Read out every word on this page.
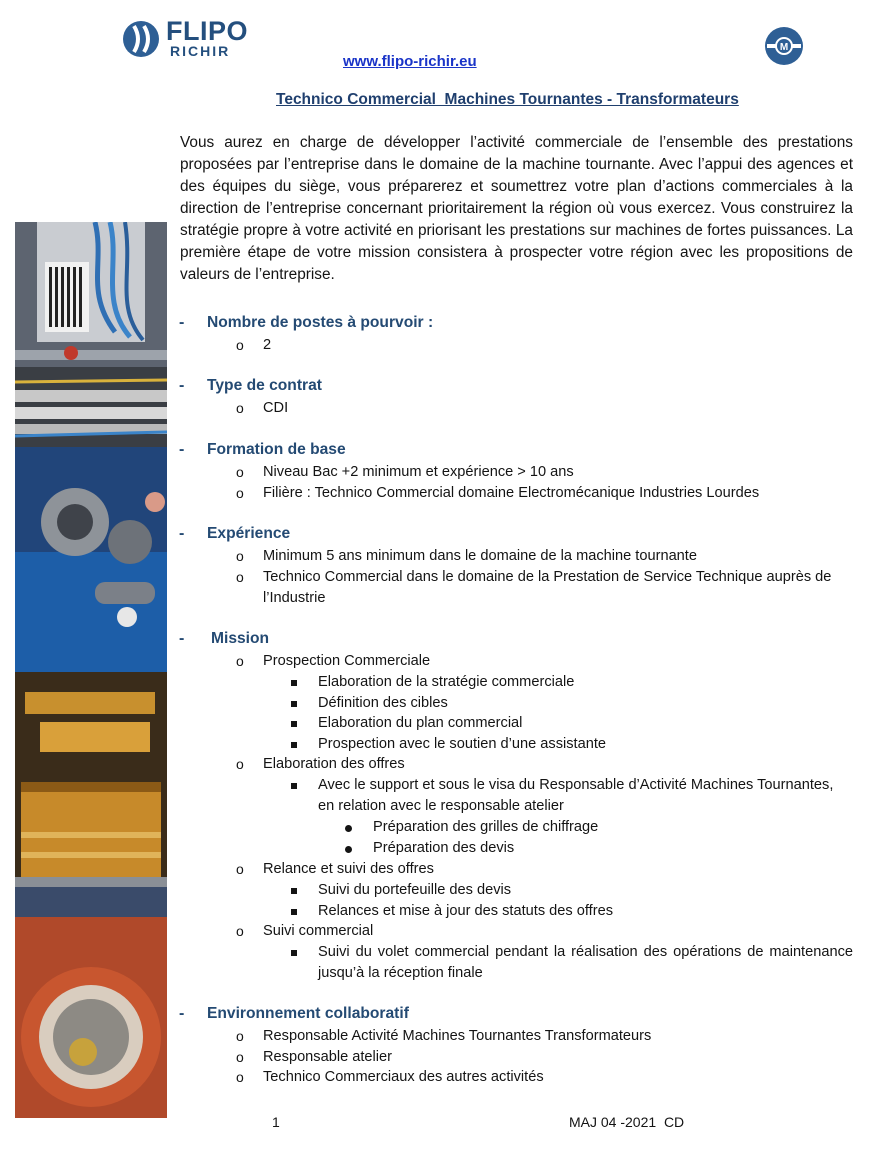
FLIPO
RICHIR
www.flipo-richir.eu
M
Technico Commercial  Machines Tournantes - Transformateurs
Vous aurez en charge de développer l’activité commerciale de l’ensemble des prestations proposées par l’entreprise dans le domaine de la machine tournante. Avec l’appui des agences et des équipes du siège, vous préparerez et soumettrez votre plan d’actions commerciales à la direction de l’entreprise concernant prioritairement la région où vous exercez. Vous construirez la stratégie propre à votre activité en priorisant les prestations sur machines de fortes puissances. La première étape de votre mission consistera à prospecter votre région avec les propositions de valeurs de l’entreprise.
- Nombre de postes à pourvoir :
o 2
- Type de contrat
o CDI
- Formation de base
o Niveau Bac +2 minimum et expérience > 10 ans
o Filière : Technico Commercial domaine Electromécanique Industries Lourdes
- Expérience
o Minimum 5 ans minimum dans le domaine de la machine tournante
o Technico Commercial dans le domaine de la Prestation de Service Technique auprès de
l’Industrie
- Mission
o Prospection Commerciale
Elaboration de la stratégie commerciale
Définition des cibles
Elaboration du plan commercial
Prospection avec le soutien d’une assistante
o Elaboration des offres
Avec le support et sous le visa du Responsable d’Activité Machines Tournantes,
en relation avec le responsable atelier
Préparation des grilles de chiffrage
Préparation des devis
o Relance et suivi des offres
Suivi du portefeuille des devis
Relances et mise à jour des statuts des offres
o Suivi commercial
Suivi du volet commercial pendant la réalisation des opérations de maintenance jusqu’à la réception finale
- Environnement collaboratif
o Responsable Activité Machines Tournantes Transformateurs
o Responsable atelier
o Technico Commerciaux des autres activités
1	MAJ 04 -2021  CD
